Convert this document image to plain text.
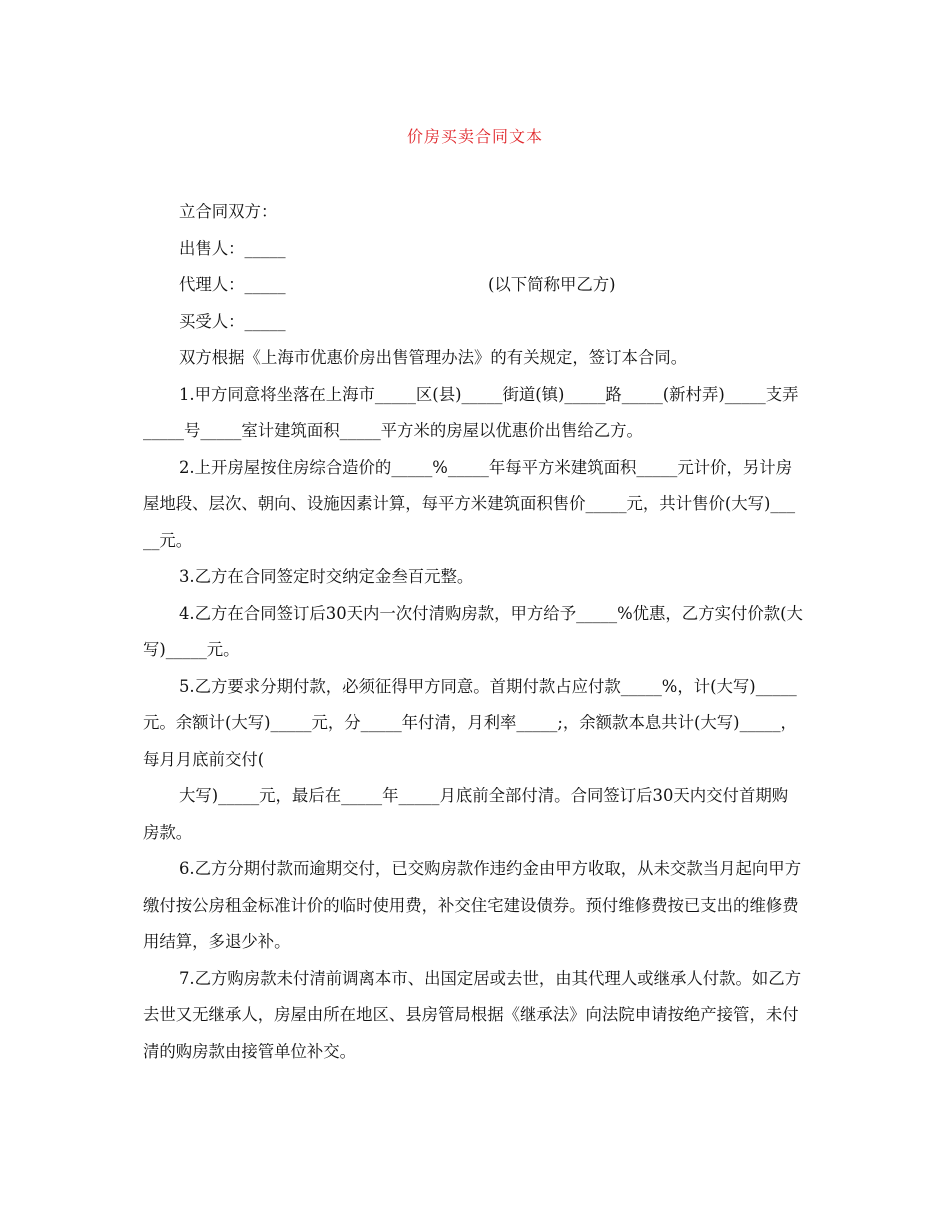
价房买卖合同文本

立合同双方：

出售人：_____

代理人：_____	(以下简称甲乙方)

买受人：_____

双方根据《上海市优惠价房出售管理办法》的有关规定，签订本合同。

1.甲方同意将坐落在上海市_____区(县)_____街道(镇)_____路_____(新村弄)_____支弄_____号_____室计建筑面积_____平方米的房屋以优惠价出售给乙方。

2.上开房屋按住房综合造价的_____%_____年每平方米建筑面积_____元计价，另计房屋地段、层次、朝向、设施因素计算，每平方米建筑面积售价_____元，共计售价(大写)_____元。

3.乙方在合同签定时交纳定金叁百元整。

4.乙方在合同签订后30天内一次付清购房款，甲方给予_____%优惠，乙方实付价款(大写)_____元。

5.乙方要求分期付款，必须征得甲方同意。首期付款占应付款_____%，计(大写)_____元。余额计(大写)_____元，分_____年付清，月利率_____;，余额款本息共计(大写)_____，每月月底前交付(

大写)_____元，最后在_____年_____月底前全部付清。合同签订后30天内交付首期购房款。

6.乙方分期付款而逾期交付，已交购房款作违约金由甲方收取，从未交款当月起向甲方缴付按公房租金标准计价的临时使用费，补交住宅建设债券。预付维修费按已支出的维修费用结算，多退少补。

7.乙方购房款未付清前调离本市、出国定居或去世，由其代理人或继承人付款。如乙方去世又无继承人，房屋由所在地区、县房管局根据《继承法》向法院申请按绝产接管，未付清的购房款由接管单位补交。
